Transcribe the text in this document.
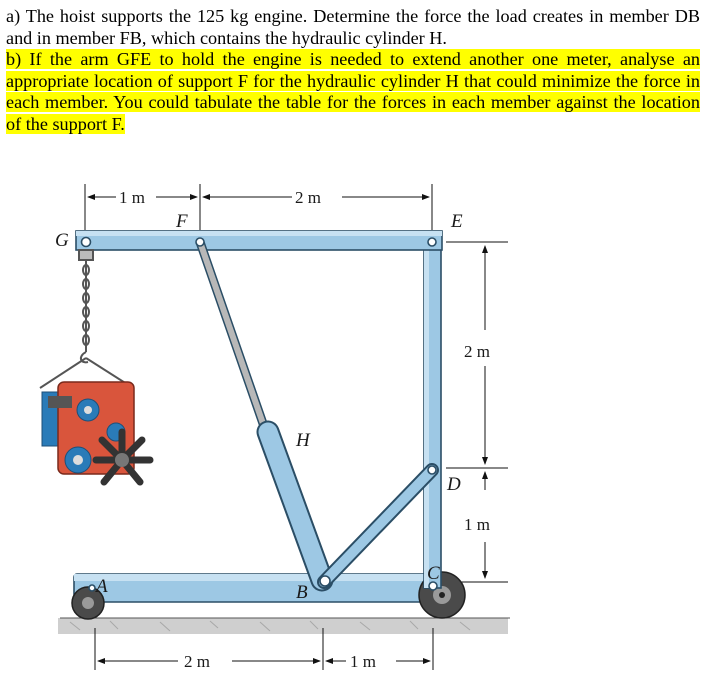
a) The hoist supports the 125 kg engine. Determine the force the load creates in member DB and in member FB, which contains the hydraulic cylinder H.

b) If the arm GFE to hold the engine is needed to extend another one meter, analyse an appropriate location of support F for the hydraulic cylinder H that could minimize the force in each member. You could tabulate the table for the forces in each member against the location of the support F.

1 m	2 m
2 m
1 m
2 m	1 m
G
F	E
H
D
B
A
C
